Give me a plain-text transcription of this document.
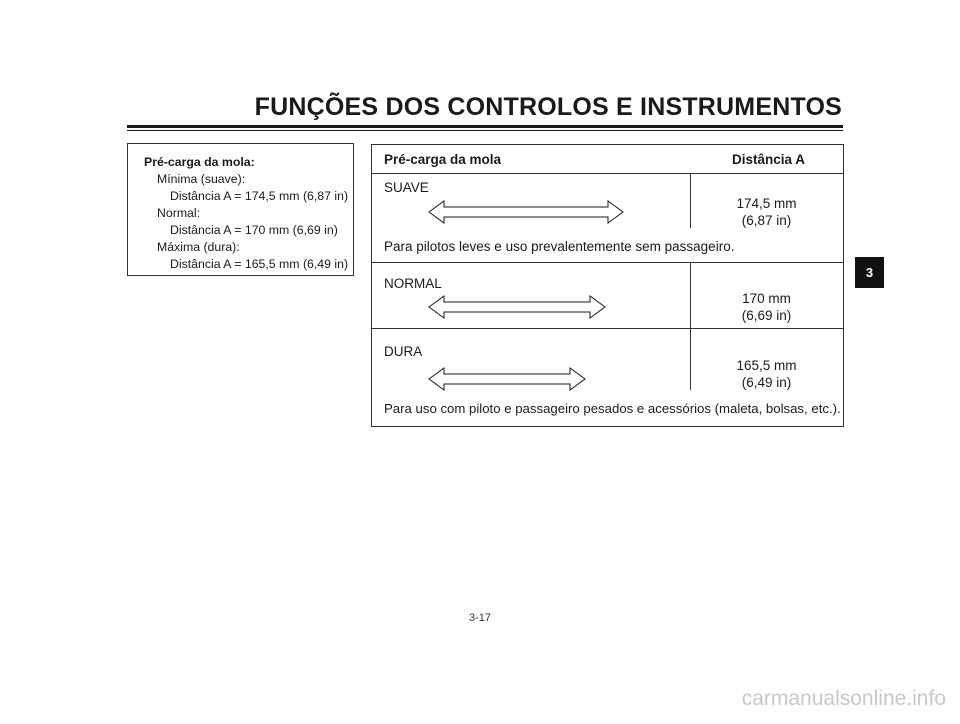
FUNÇÕES DOS CONTROLOS E INSTRUMENTOS
3
Pré-carga da mola:
Mínima (suave):
Distância A = 174,5 mm (6,87 in)
Normal:
Distância A = 170 mm (6,69 in)
Máxima (dura):
Distância A = 165,5 mm (6,49 in)
Pré-carga da mola	Distância A
SUAVE
174,5 mm
(6,87 in)
Para pilotos leves e uso prevalentemente sem passageiro.
NORMAL
170 mm
(6,69 in)
DURA
165,5 mm
(6,49 in)
Para uso com piloto e passageiro pesados e acessórios (maleta, bolsas, etc.).
3-17
carmanualsonline.info
